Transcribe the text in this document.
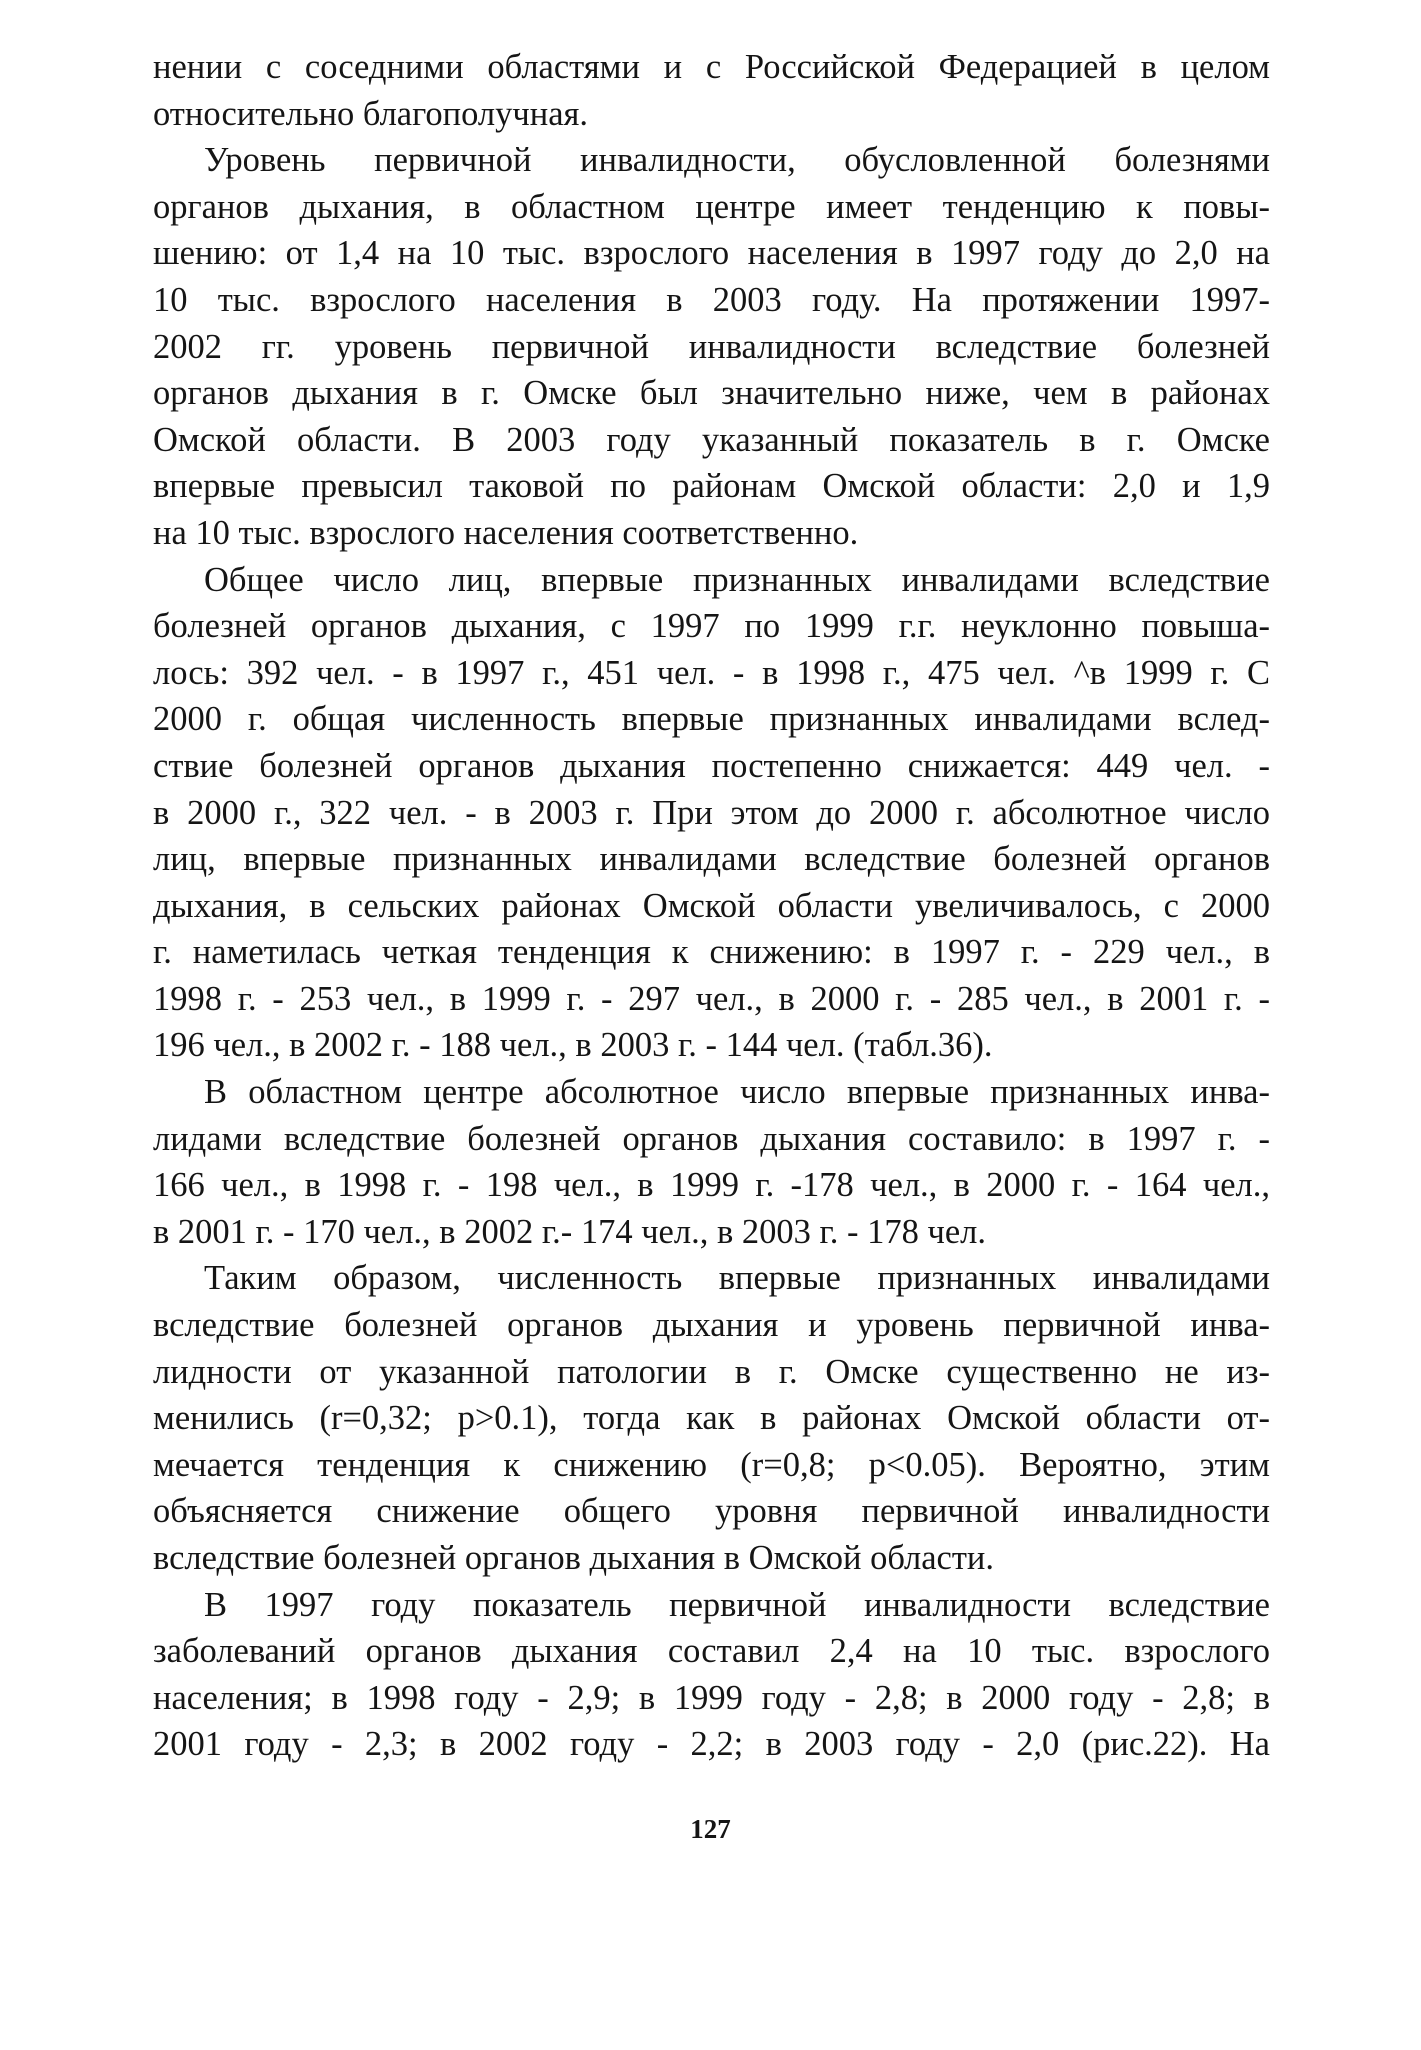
нении с соседними областями и с Российской Федерацией в целом
относительно благополучная.
Уровень первичной инвалидности, обусловленной болезнями
органов дыхания, в областном центре имеет тенденцию к повы-
шению: от 1,4 на 10 тыс. взрослого населения в 1997 году до 2,0 на
10 тыс. взрослого населения в 2003 году. На протяжении 1997-
2002 гг. уровень первичной инвалидности вследствие болезней
органов дыхания в г. Омске был значительно ниже, чем в районах
Омской области. В 2003 году указанный показатель в г. Омске
впервые превысил таковой по районам Омской области: 2,0 и 1,9
на 10 тыс. взрослого населения соответственно.
Общее число лиц, впервые признанных инвалидами вследствие
болезней органов дыхания, с 1997 по 1999 г.г. неуклонно повыша-
лось: 392 чел. - в 1997 г., 451 чел. - в 1998 г., 475 чел. ^в 1999 г. С
2000 г. общая численность впервые признанных инвалидами вслед-
ствие болезней органов дыхания постепенно снижается: 449 чел. -
в 2000 г., 322 чел. - в 2003 г. При этом до 2000 г. абсолютное число
лиц, впервые признанных инвалидами вследствие болезней органов
дыхания, в сельских районах Омской области увеличивалось, с 2000
г. наметилась четкая тенденция к снижению: в 1997 г. - 229 чел., в
1998 г. - 253 чел., в 1999 г. - 297 чел., в 2000 г. - 285 чел., в 2001 г. -
196 чел., в 2002 г. - 188 чел., в 2003 г. - 144 чел. (табл.36).
В областном центре абсолютное число впервые признанных инва-
лидами вследствие болезней органов дыхания составило: в 1997 г. -
166 чел., в 1998 г. - 198 чел., в 1999 г. -178 чел., в 2000 г. - 164 чел.,
в 2001 г. - 170 чел., в 2002 г.- 174 чел., в 2003 г. - 178 чел.
Таким образом, численность впервые признанных инвалидами
вследствие болезней органов дыхания и уровень первичной инва-
лидности от указанной патологии в г. Омске существенно не из-
менились (r=0,32; p>0.1), тогда как в районах Омской области от-
мечается тенденция к снижению (r=0,8; p<0.05). Вероятно, этим
объясняется снижение общего уровня первичной инвалидности
вследствие болезней органов дыхания в Омской области.
В 1997 году показатель первичной инвалидности вследствие
заболеваний органов дыхания составил 2,4 на 10 тыс. взрослого
населения; в 1998 году - 2,9; в 1999 году - 2,8; в 2000 году - 2,8; в
2001 году - 2,3; в 2002 году - 2,2; в 2003 году - 2,0 (рис.22). На
127
